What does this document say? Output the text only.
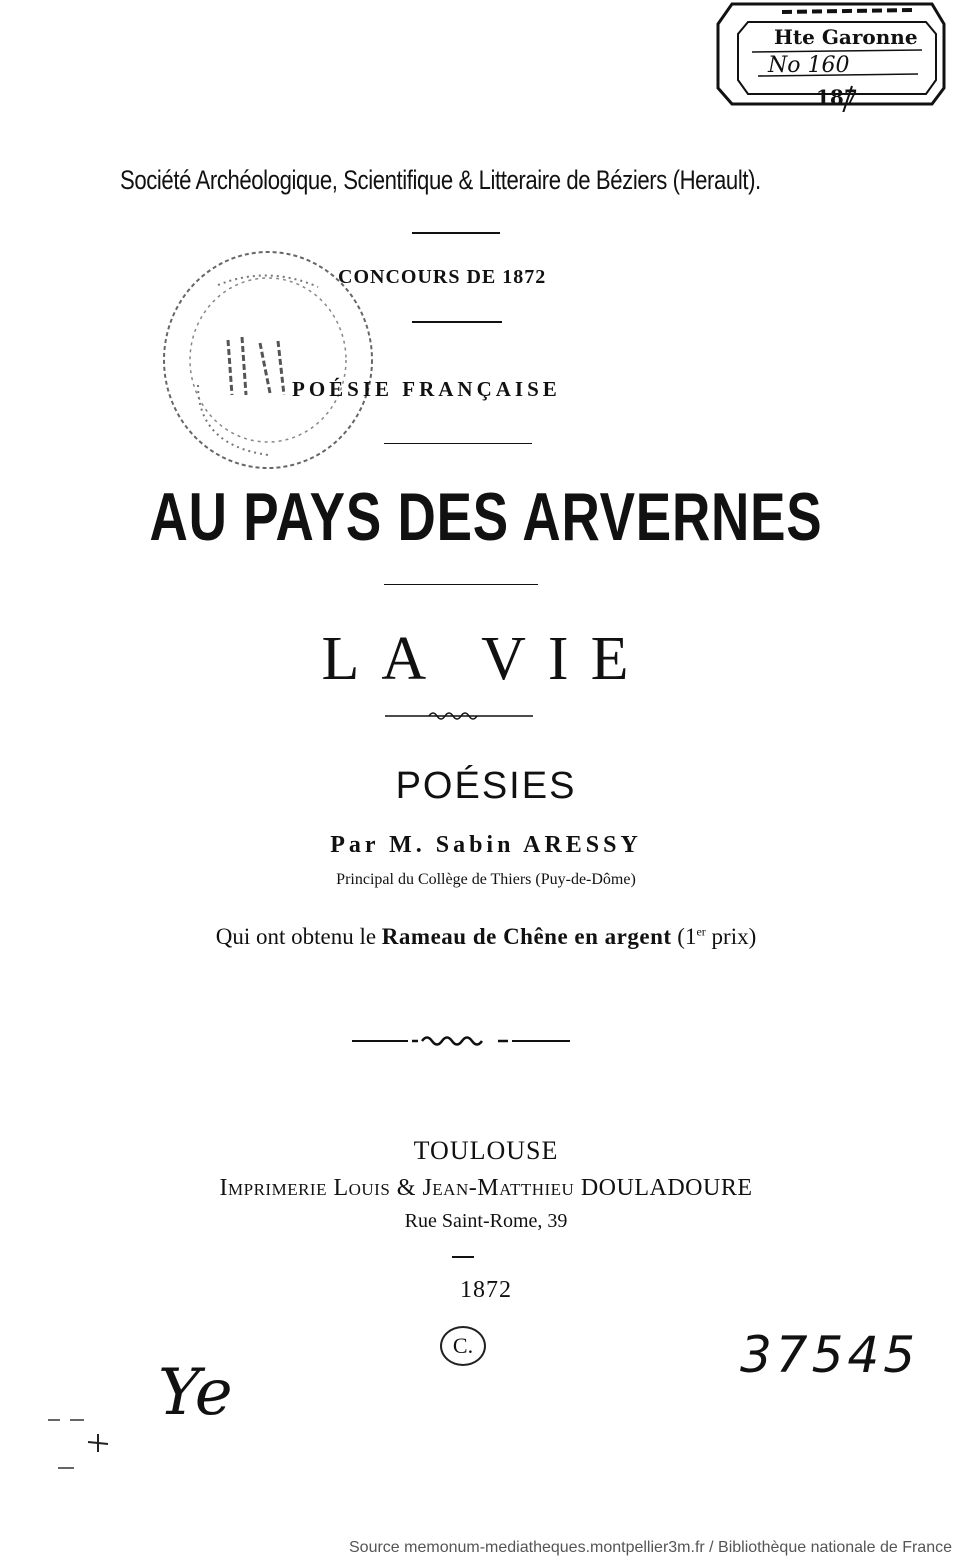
Hte Garonne
No 160
187
Société Archéologique, Scientifique & Litteraire de Béziers (Herault).
CONCOURS DE 1872
POÉSIE FRANÇAISE
AU PAYS DES ARVERNES
LA VIE
POÉSIES
Par M. Sabin ARESSY
Principal du Collège de Thiers (Puy-de-Dôme)
Qui ont obtenu le Rameau de Chêne en argent (1er prix)
TOULOUSE
Imprimerie Louis & Jean-Matthieu DOULADOURE
Rue Saint-Rome, 39
1872
C.	37545
Ye
Source memonum-mediatheques.montpellier3m.fr / Bibliothèque nationale de France
